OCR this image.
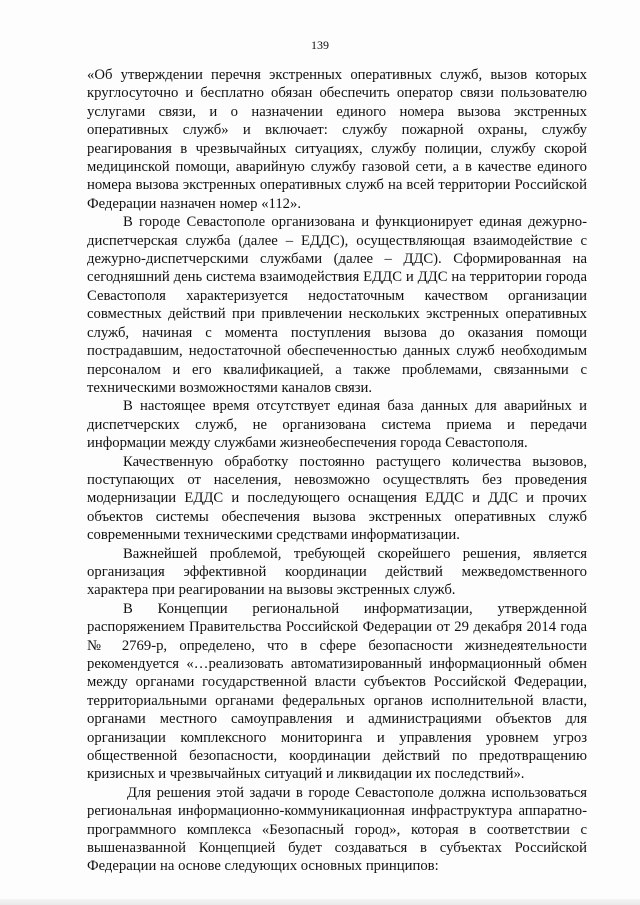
139

«Об утверждении перечня экстренных оперативных служб, вызов которых круглосуточно и бесплатно обязан обеспечить оператор связи пользователю услугами связи, и о назначении единого номера вызова экстренных оперативных служб» и включает: службу пожарной охраны, службу реагирования в чрезвычайных ситуациях, службу полиции, службу скорой медицинской помощи, аварийную службу газовой сети, а в качестве единого номера вызова экстренных оперативных служб на всей территории Российской Федерации назначен номер «112».

В городе Севастополе организована и функционирует единая дежурно-диспетчерская служба (далее – ЕДДС), осуществляющая взаимодействие с дежурно-диспетчерскими службами (далее – ДДС). Сформированная на сегодняшний день система взаимодействия ЕДДС и ДДС на территории города Севастополя характеризуется недостаточным качеством организации совместных действий при привлечении нескольких экстренных оперативных служб, начиная с момента поступления вызова до оказания помощи пострадавшим, недостаточной обеспеченностью данных служб необходимым персоналом и его квалификацией, а также проблемами, связанными с техническими возможностями каналов связи.

В настоящее время отсутствует единая база данных для аварийных и диспетчерских служб, не организована система приема и передачи информации между службами жизнеобеспечения города Севастополя.

Качественную обработку постоянно растущего количества вызовов, поступающих от населения, невозможно осуществлять без проведения модернизации ЕДДС и последующего оснащения ЕДДС и ДДС и прочих объектов системы обеспечения вызова экстренных оперативных служб современными техническими средствами информатизации.

Важнейшей проблемой, требующей скорейшего решения, является организация эффективной координации действий межведомственного характера при реагировании на вызовы экстренных служб.

В Концепции региональной информатизации, утвержденной распоряжением Правительства Российской Федерации от 29 декабря 2014 года № 2769-р, определено, что в сфере безопасности жизнедеятельности рекомендуется «…реализовать автоматизированный информационный обмен между органами государственной власти субъектов Российской Федерации, территориальными органами федеральных органов исполнительной власти, органами местного самоуправления и администрациями объектов для организации комплексного мониторинга и управления уровнем угроз общественной безопасности, координации действий по предотвращению кризисных и чрезвычайных ситуаций и ликвидации их последствий».

Для решения этой задачи в городе Севастополе должна использоваться региональная информационно-коммуникационная инфраструктура аппаратно-программного комплекса «Безопасный город», которая в соответствии с вышеназванной Концепцией будет создаваться в субъектах Российской Федерации на основе следующих основных принципов:
